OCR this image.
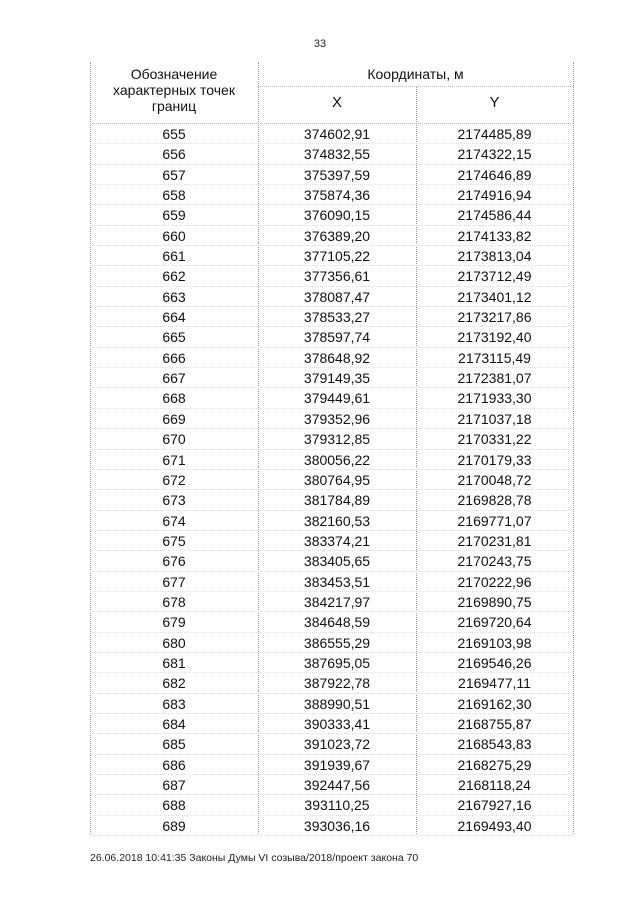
33
Обозначение
характерных точек
границ
Координаты, м
X	Y
655	374602,91	2174485,89
656	374832,55	2174322,15
657	375397,59	2174646,89
658	375874,36	2174916,94
659	376090,15	2174586,44
660	376389,20	2174133,82
661	377105,22	2173813,04
662	377356,61	2173712,49
663	378087,47	2173401,12
664	378533,27	2173217,86
665	378597,74	2173192,40
666	378648,92	2173115,49
667	379149,35	2172381,07
668	379449,61	2171933,30
669	379352,96	2171037,18
670	379312,85	2170331,22
671	380056,22	2170179,33
672	380764,95	2170048,72
673	381784,89	2169828,78
674	382160,53	2169771,07
675	383374,21	2170231,81
676	383405,65	2170243,75
677	383453,51	2170222,96
678	384217,97	2169890,75
679	384648,59	2169720,64
680	386555,29	2169103,98
681	387695,05	2169546,26
682	387922,78	2169477,11
683	388990,51	2169162,30
684	390333,41	2168755,87
685	391023,72	2168543,83
686	391939,67	2168275,29
687	392447,56	2168118,24
688	393110,25	2167927,16
689	393036,16	2169493,40
26.06.2018 10:41:35 Законы Думы VI созыва/2018/проект закона 70
